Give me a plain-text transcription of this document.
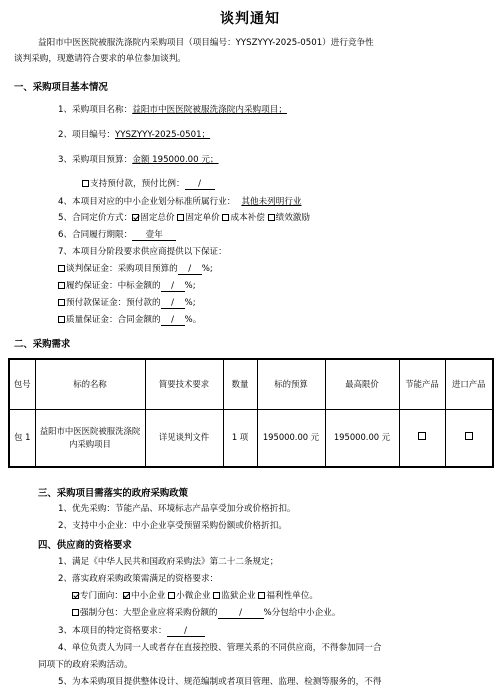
谈判通知
益阳市中医医院被服洗涤院内采购项目（项目编号：YYSZYYY-2025-0501）进行竞争性
谈判采购，现邀请符合要求的单位参加谈判。
一、采购项目基本情况
1、采购项目名称：益阳市中医医院被服洗涤院内采购项目；
2、项目编号：YYSZYYY-2025-0501；
3、采购项目预算：金额 195000.00 元；
支持预付款，预付比例： /
4、本项目对应的中小企业划分标准所属行业： 其他未列明行业
5、合同定价方式： 固定总价 固定单价 成本补偿 绩效激励
6、合同履行期限： 壹年
7、本项目分阶段要求供应商提供以下保证：
谈判保证金：采购项目预算的 / %;
履约保证金：中标金额的 / %;
预付款保证金：预付款的 / %;
质量保证金：合同金额的 / %。
二、采购需求
包号	标的名称	简要技术要求	数量	标的预算	最高限价	节能产品	进口产品
包 1	益阳市中医医院被服洗涤院内采购项目	详见谈判文件	1 项	195000.00 元	195000.00 元		
三、采购项目需落实的政府采购政策
1、优先采购：节能产品、环境标志产品享受加分或价格折扣。
2、支持中小企业：中小企业享受预留采购份额或价格折扣。
四、供应商的资格要求
1、满足《中华人民共和国政府采购法》第二十二条规定；
2、落实政府采购政策需满足的资格要求：
专门面向： 中小企业 小微企业 监狱企业 福利性单位。
强制分包：大型企业应将采购份额的	/	%分包给中小企业。
3、本项目的特定资格要求： /
4、单位负责人为同一人或者存在直接控股、管理关系的不同供应商，不得参加同一合
同项下的政府采购活动。
5、为本采购项目提供整体设计、规范编制或者项目管理、监理、检测等服务的，不得
